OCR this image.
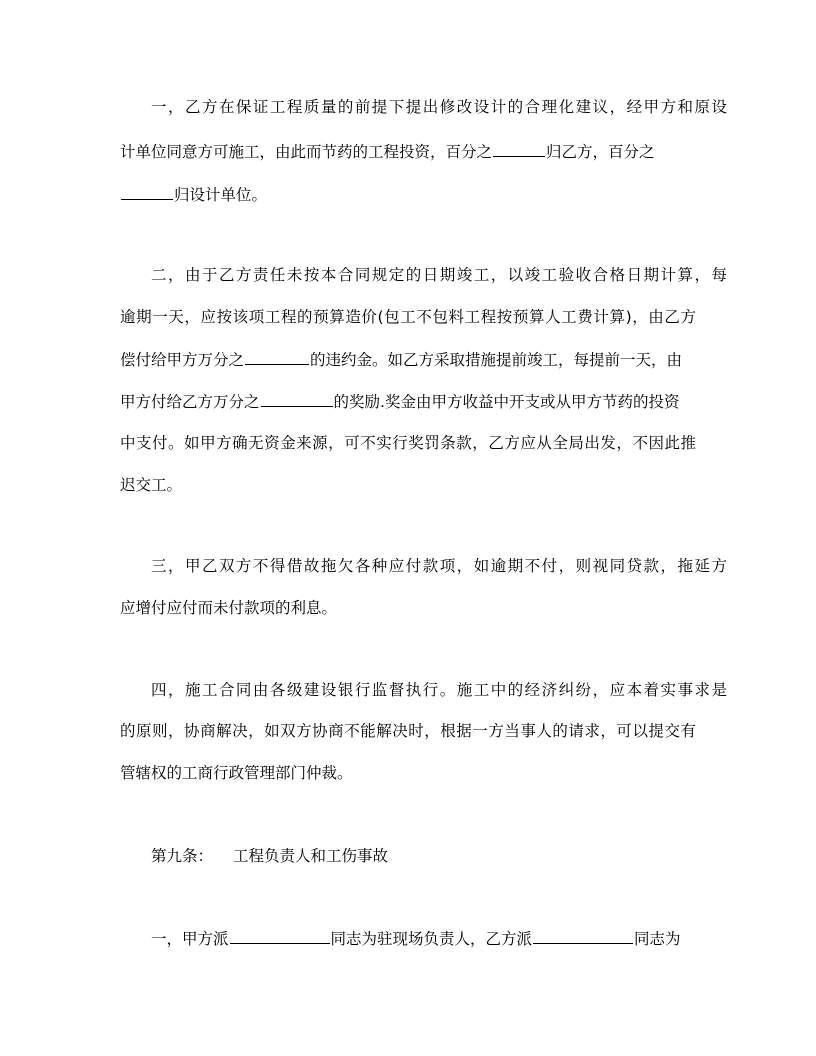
一，乙方在保证工程质量的前提下提出修改设计的合理化建议，经甲方和原设
计单位同意方可施工，由此而节药的工程投资，百分之	归乙方，百分之
归设计单位。
二，由于乙方责任未按本合同规定的日期竣工，以竣工验收合格日期计算，每
逾期一天，应按该项工程的预算造价(包工不包料工程按预算人工费计算)，由乙方
偿付给甲方万分之	的违约金。如乙方采取措施提前竣工，每提前一天，由
甲方付给乙方万分之	的奖励.奖金由甲方收益中开支或从甲方节药的投资
中支付。如甲方确无资金来源，可不实行奖罚条款，乙方应从全局出发，不因此推
迟交工。
三，甲乙双方不得借故拖欠各种应付款项，如逾期不付，则视同贷款，拖延方
应增付应付而未付款项的利息。
四，施工合同由各级建设银行监督执行。施工中的经济纠纷，应本着实事求是
的原则，协商解决，如双方协商不能解决时，根据一方当事人的请求，可以提交有
管辖权的工商行政管理部门仲裁。
第九条： 工程负责人和工伤事故
一，甲方派	同志为驻现场负责人，乙方派	同志为
